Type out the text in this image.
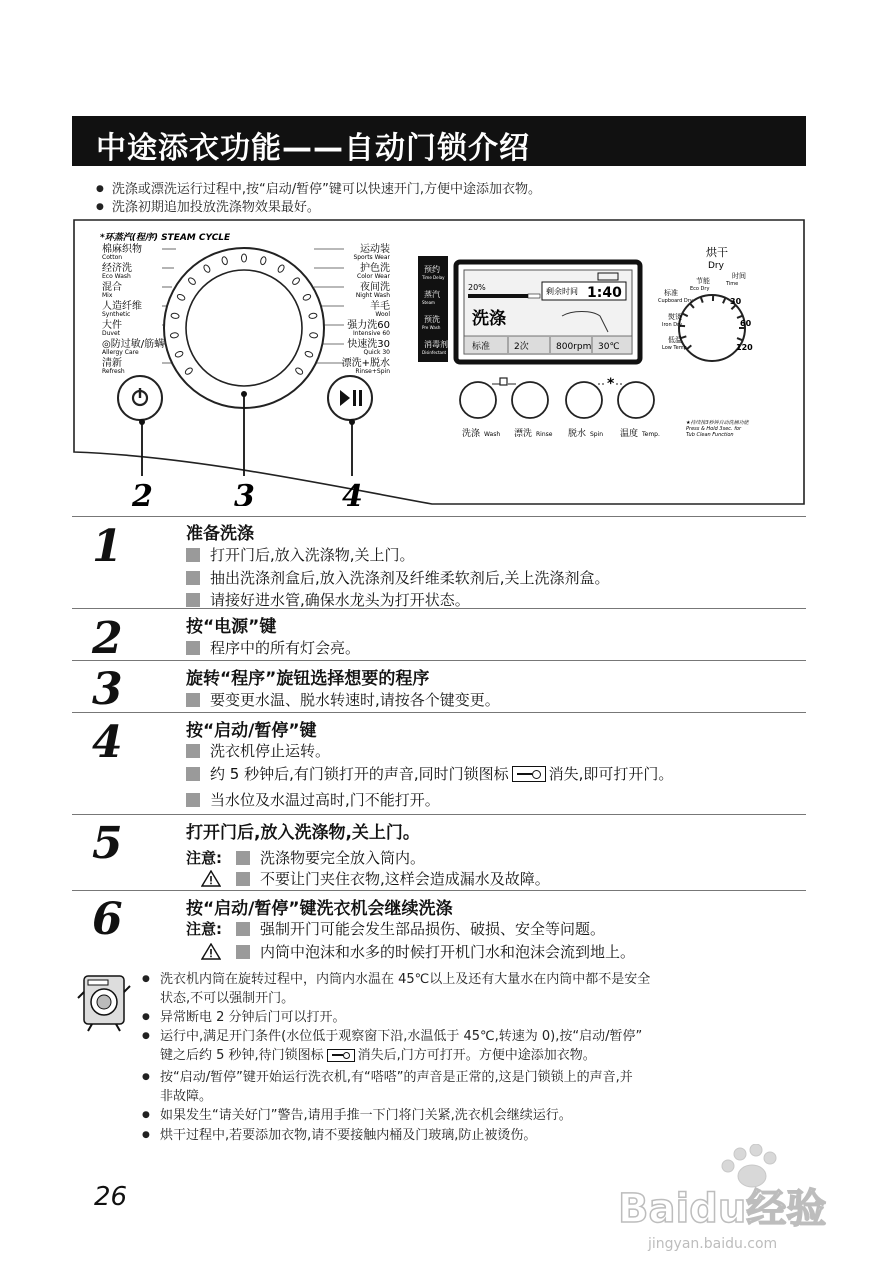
中途添衣功能——自动门锁介绍
● 洗涤或漂洗运行过程中,按“启动/暂停”键可以快速开门,方便中途添加衣物。
● 洗涤初期追加投放洗涤物效果最好。
*环蒸汽(程序) STEAM CYCLE
棉麻织物
Cotton
经济洗
Eco Wash
混合
Mix
人造纤维
Synthetic
大件
Duvet
◎防过敏/筋螨
Allergy Care
清新
Refresh
运动装
Sports Wear
护色洗
Color Wear
夜间洗
Night Wash
羊毛
Wool
强力洗60
Intensive 60
快速洗30
Quick 30
漂洗+脱水
Rinse+Spin
2	3	4
预约
Time Delay
蒸汽
Steam
预洗
Pre Wash
消毒剂
Disinfectant
20%	剩余时间 1:40
洗涤
标准	2次	800rpm 30℃
*
洗涤 Wash 漂洗 Rinse 脱水 Spin 温度 Temp.
★持续按3秒钟自动洗桶功能
Press & Hold 3sec. for
Tub Clean Function
烘干
Dry
节能
Eco Dry
标准
Cupboard Dry
熨烫
Iron Dry
低温
Low Temp.
时间
Time
30
60
120
1	准备洗涤
打开门后,放入洗涤物,关上门。
抽出洗涤剂盒后,放入洗涤剂及纤维柔软剂后,关上洗涤剂盒。
请接好进水管,确保水龙头为打开状态。
2	按“电源”键
程序中的所有灯会亮。
3	旋转“程序”旋钮选择想要的程序
要变更水温、脱水转速时,请按各个键变更。
4	按“启动/暂停”键
洗衣机停止运转。
约 5 秒钟后,有门锁打开的声音,同时门锁图标	消失,即可打开门。
当水位及水温过高时,门不能打开。
5	打开门后,放入洗涤物,关上门。
注意:	洗涤物要完全放入筒内。
不要让门夹住衣物,这样会造成漏水及故障。
6	按“启动/暂停”键洗衣机会继续洗涤
注意:	强制开门可能会发生部品损伤、破损、安全等问题。
内筒中泡沫和水多的时候打开机门水和泡沫会流到地上。
● 洗衣机内筒在旋转过程中，内筒内水温在 45℃以上及还有大量水在内筒中都不是安全
状态,不可以强制开门。
● 异常断电 2 分钟后门可以打开。
● 运行中,满足开门条件(水位低于观察窗下沿,水温低于 45℃,转速为 0),按“启动/暂停”
键之后约 5 秒钟,待门锁图标	消失后,门方可打开。方便中途添加衣物。
● 按“启动/暂停”键开始运行洗衣机,有“嗒嗒”的声音是正常的,这是门锁锁上的声音,并
非故障。
● 如果发生“请关好门”警告,请用手推一下门将门关紧,洗衣机会继续运行。
● 烘干过程中,若要添加衣物,请不要接触内桶及门玻璃,防止被烫伤。
26	Baidu经验
jingyan.baidu.com
